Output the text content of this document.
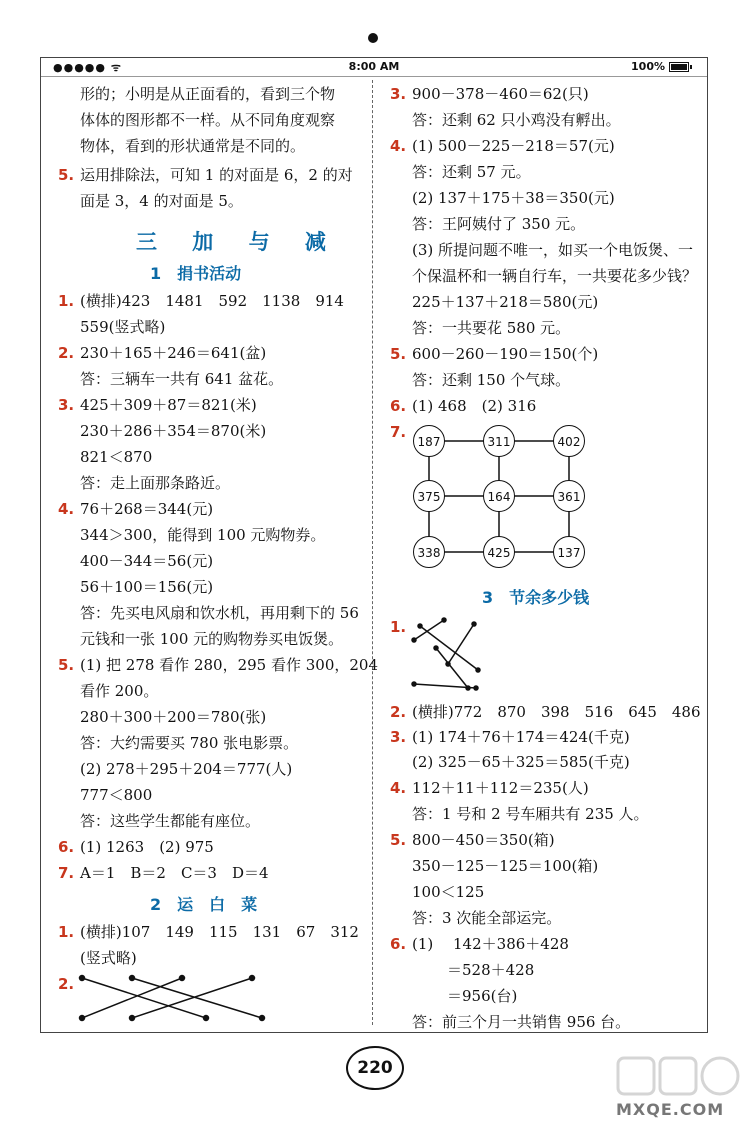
●●●●● ᯤ	8:00 AM	100%
形的；小明是从正面看的，看到三个物
体体的图形都不一样。从不同角度观察
物体，看到的形状通常是不同的。
5. 运用排除法，可知 1 的对面是 6，2 的对
面是 3，4 的对面是 5。
三 加 与 减
1　捐书活动
1. (横排)423　1481　592　1138　914
559(竖式略)
2. 230＋165＋246＝641(盆)
答：三辆车一共有 641 盆花。
3. 425＋309＋87＝821(米)
230＋286＋354＝870(米)
821＜870
答：走上面那条路近。
4. 76＋268＝344(元)
344＞300，能得到 100 元购物券。
400－344＝56(元)
56＋100＝156(元)
答：先买电风扇和饮水机，再用剩下的 56
元钱和一张 100 元的购物券买电饭煲。
5. (1) 把 278 看作 280，295 看作 300，204
看作 200。
280＋300＋200＝780(张)
答：大约需要买 780 张电影票。
(2) 278＋295＋204＝777(人)
777＜800
答：这些学生都能有座位。
6. (1) 1263　(2) 975
7. A＝1　B＝2　C＝3　D＝4
2　运　白　菜
1. (横排)107　149　115　131　67　312
(竖式略)
2.
3. 900－378－460＝62(只)
答：还剩 62 只小鸡没有孵出。
4. (1) 500－225－218＝57(元)
答：还剩 57 元。
(2) 137＋175＋38＝350(元)
答：王阿姨付了 350 元。
(3) 所提问题不唯一，如买一个电饭煲、一
个保温杯和一辆自行车，一共要花多少钱？
225＋137＋218＝580(元)
答：一共要花 580 元。
5. 600－260－190＝150(个)
答：还剩 150 个气球。
6. (1) 468　(2) 316
7.
187	311	402
375	164	361
338	425	137
3　节余多少钱
1.
2. (横排)772　870　398　516　645　486
3. (1) 174＋76＋174＝424(千克)
(2) 325－65＋325＝585(千克)
4. 112＋11＋112＝235(人)
答：1 号和 2 号车厢共有 235 人。
5. 800－450＝350(箱)
350－125－125＝100(箱)
100＜125
答：3 次能全部运完。
6. (1)　 142＋386＋428
＝528＋428
＝956(台)
答：前三个月一共销售 956 台。
220
MXQE.COM
